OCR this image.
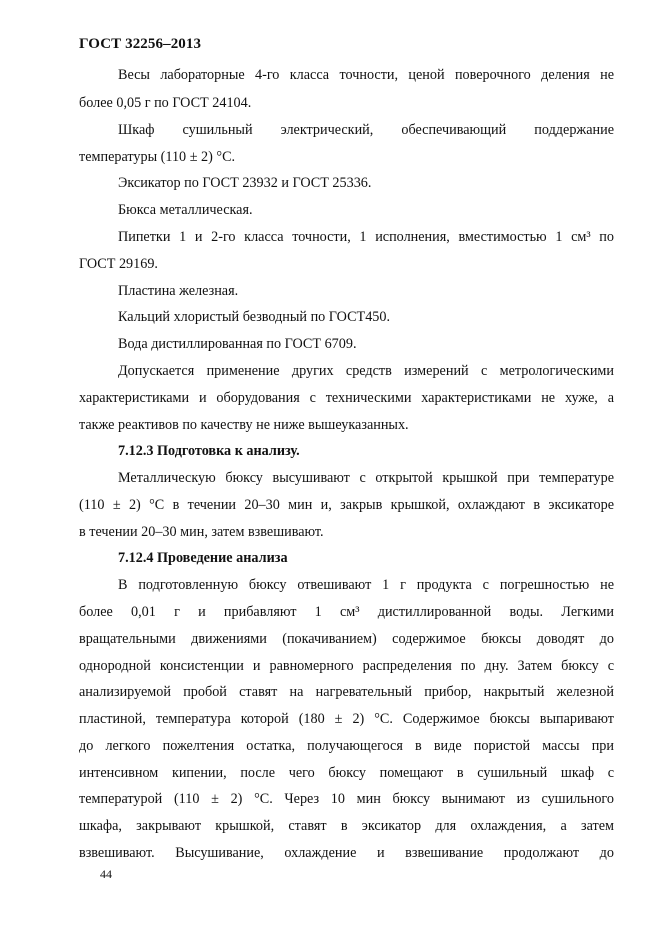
ГОСТ 32256–2013
Весы лабораторные 4-го класса точности, ценой поверочного деления не
более 0,05 г по ГОСТ 24104.
Шкаф сушильный электрический, обеспечивающий поддержание
температуры (110 ± 2) °С.
Эксикатор по ГОСТ 23932 и ГОСТ 25336.
Бюкса металлическая.
Пипетки 1 и 2-го класса точности, 1 исполнения, вместимостью 1 см³ по
ГОСТ 29169.
Пластина железная.
Кальций хлористый безводный по ГОСТ450.
Вода дистиллированная по ГОСТ 6709.
Допускается применение других средств измерений с метрологическими
характеристиками и оборудования с техническими характеристиками не хуже, а
также реактивов по качеству не ниже вышеуказанных.
7.12.3 Подготовка к анализу.
Металлическую бюксу высушивают с открытой крышкой при температуре
(110 ± 2) °С в течении 20–30 мин и, закрыв крышкой, охлаждают в эксикаторе
в течении 20–30 мин, затем взвешивают.
7.12.4 Проведение анализа
В подготовленную бюксу отвешивают 1 г продукта с погрешностью не
более 0,01 г и прибавляют 1 см³ дистиллированной воды. Легкими
вращательными движениями (покачиванием) содержимое бюксы доводят до
однородной консистенции и равномерного распределения по дну. Затем бюксу с
анализируемой пробой ставят на нагревательный прибор, накрытый железной
пластиной, температура которой (180 ± 2) °С. Содержимое бюксы выпаривают
до легкого пожелтения остатка, получающегося в виде пористой массы при
интенсивном кипении, после чего бюксу помещают в сушильный шкаф с
температурой (110 ± 2) °С. Через 10 мин бюксу вынимают из сушильного
шкафа, закрывают крышкой, ставят в эксикатор для охлаждения, а затем
взвешивают. Высушивание, охлаждение и взвешивание продолжают до
44
